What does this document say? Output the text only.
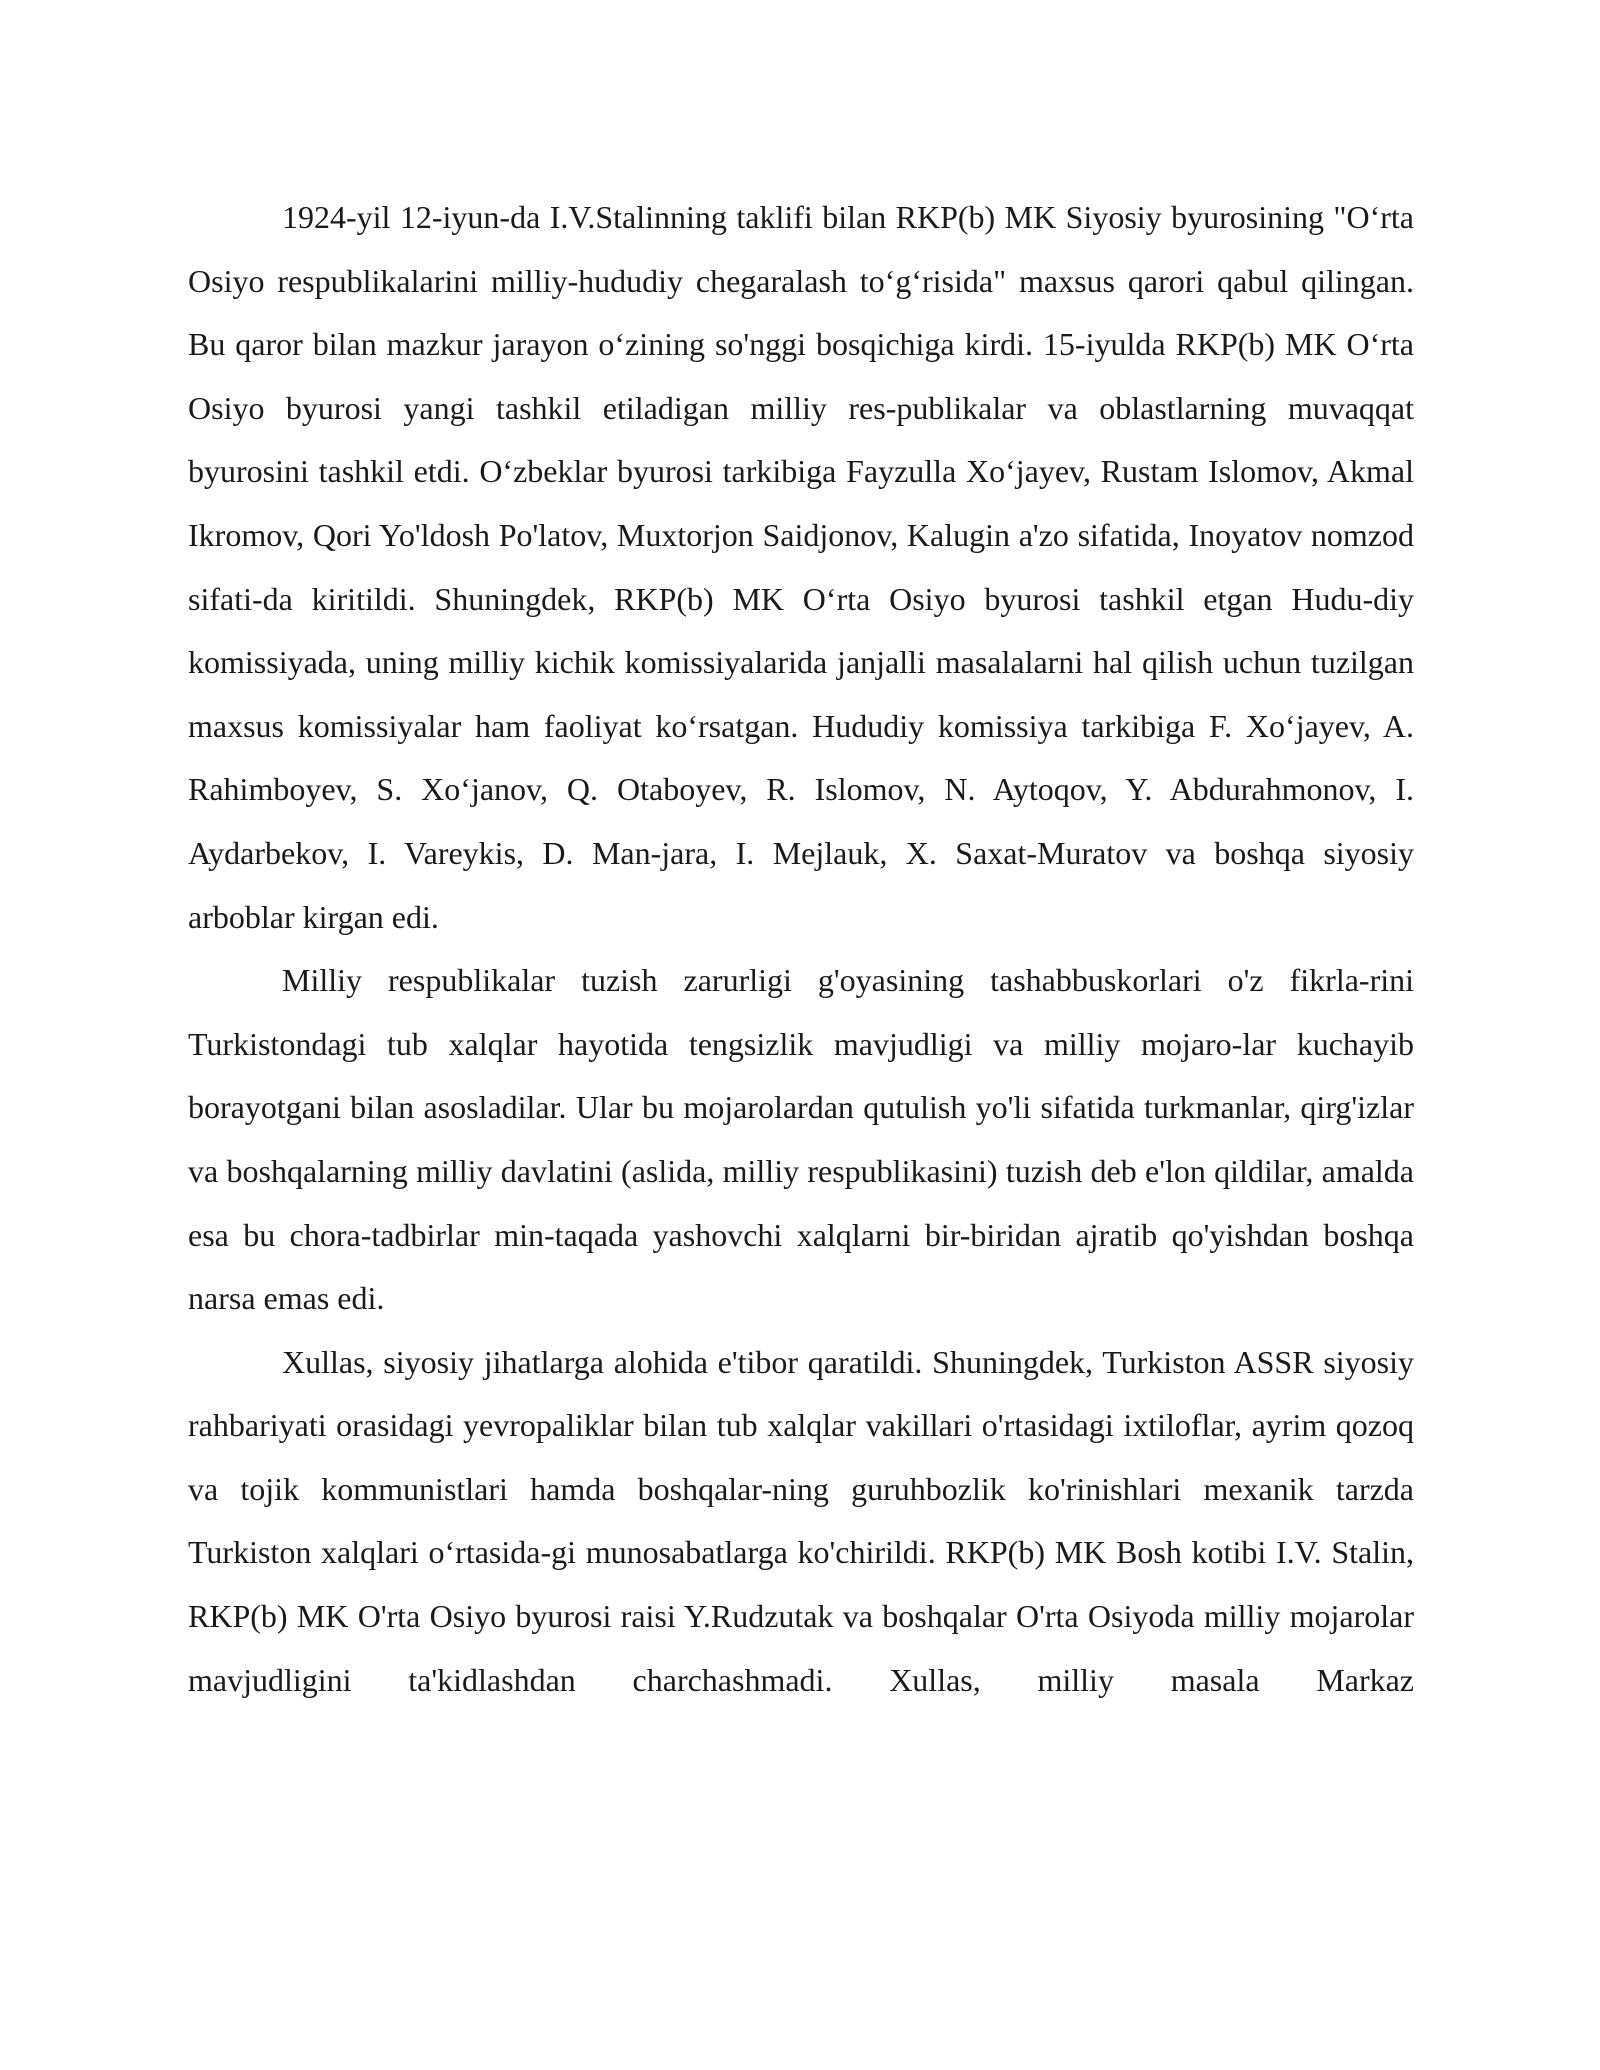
1924-yil 12-iyun-da I.V.Stalinning taklifi bilan RKP(b) MK Siyosiy byurosining "O‘rta Osiyo respublikalarini milliy-hududiy chegaralash to‘g‘risida" maxsus qarori qabul qilingan. Bu qaror bilan mazkur jarayon o‘zining so'nggi bosqichiga kirdi. 15-iyulda RKP(b) MK O‘rta Osiyo byurosi yangi tashkil etiladigan milliy res-publikalar va oblastlarning muvaqqat byurosini tashkil etdi. O‘zbeklar byurosi tarkibiga Fayzulla Xo‘jayev, Rustam Islomov, Akmal Ikromov, Qori Yo'ldosh Po'latov, Muxtorjon Saidjonov, Kalugin a'zo sifatida, Inoyatov nomzod sifati-da kiritildi. Shuningdek, RKP(b) MK O‘rta Osiyo byurosi tashkil etgan Hudu-diy komissiyada, uning milliy kichik komissiyalarida janjalli masalalarni hal qilish uchun tuzilgan maxsus komissiyalar ham faoliyat ko‘rsatgan. Hududiy komissiya tarkibiga F. Xo‘jayev, A. Rahimboyev, S. Xo‘janov, Q. Otaboyev, R. Islomov, N. Aytoqov, Y. Abdurahmonov, I. Aydarbekov, I. Vareykis, D. Man-jara, I. Mejlauk, X. Saxat-Muratov va boshqa siyosiy arboblar kirgan edi.

Milliy respublikalar tuzish zarurligi g'oyasining tashabbuskorlari o'z fikrla-rini Turkistondagi tub xalqlar hayotida tengsizlik mavjudligi va milliy mojaro-lar kuchayib borayotgani bilan asosladilar. Ular bu mojarolardan qutulish yo'li sifatida turkmanlar, qirg'izlar va boshqalarning milliy davlatini (aslida, milliy respublikasini) tuzish deb e'lon qildilar, amalda esa bu chora-tadbirlar min-taqada yashovchi xalqlarni bir-biridan ajratib qo'yishdan boshqa narsa emas edi.

Xullas, siyosiy jihatlarga alohida e'tibor qaratildi. Shuningdek, Turkiston ASSR siyosiy rahbariyati orasidagi yevropaliklar bilan tub xalqlar vakillari o'rtasidagi ixtiloflar, ayrim qozoq va tojik kommunistlari hamda boshqalar-ning guruhbozlik ko'rinishlari mexanik tarzda Turkiston xalqlari o‘rtasida-gi munosabatlarga ko'chirildi. RKP(b) MK Bosh kotibi I.V. Stalin, RKP(b) MK O'rta Osiyo byurosi raisi Y.Rudzutak va boshqalar O'rta Osiyoda milliy mojarolar mavjudligini ta'kidlashdan charchashmadi. Xullas, milliy masala Markaz
